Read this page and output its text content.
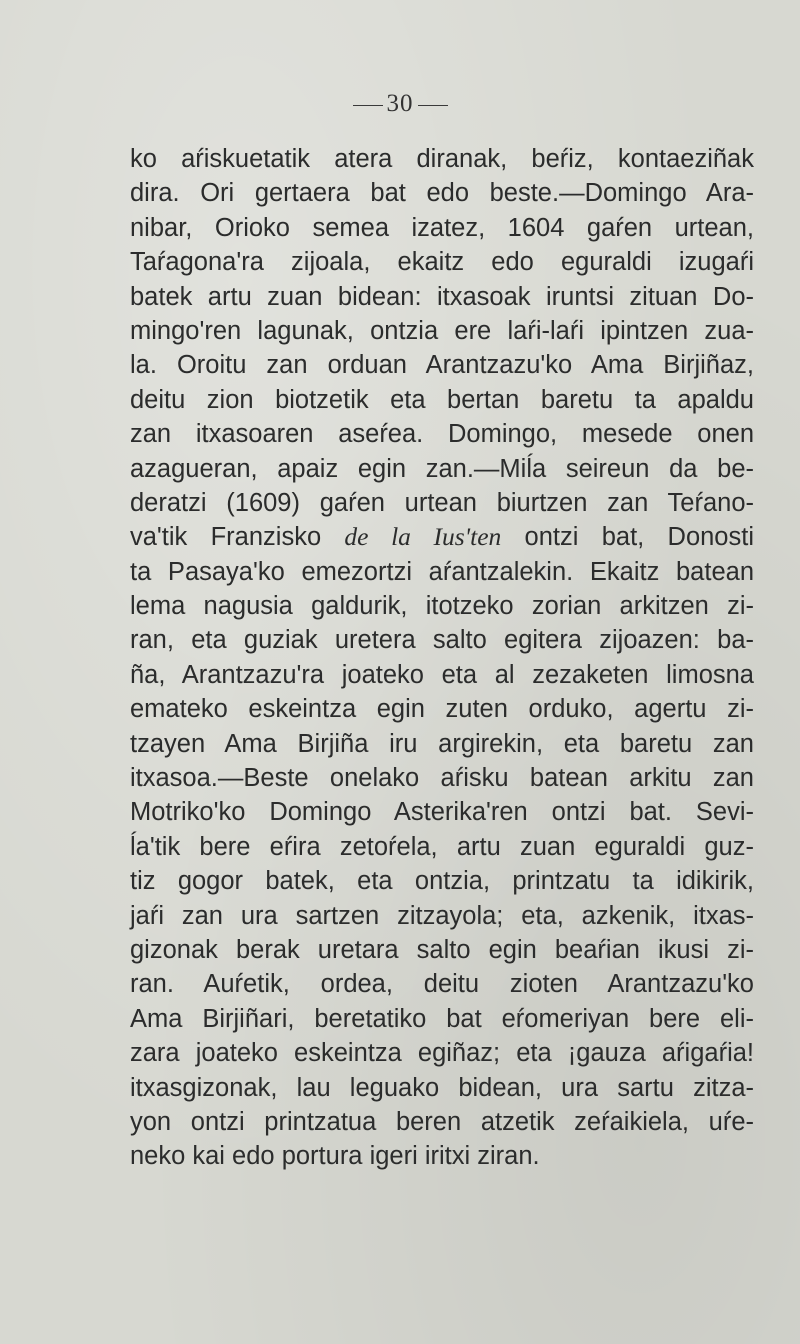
30
ko aŕiskuetatik atera diranak, beŕiz, kontaeziñak
dira. Ori gertaera bat edo beste.—Domingo Ara-
nibar, Orioko semea izatez, 1604 gaŕen urtean,
Taŕagona'ra zijoala, ekaitz edo eguraldi izugaŕi
batek artu zuan bidean: itxasoak iruntsi zituan Do-
mingo'ren lagunak, ontzia ere laŕi-laŕi ipintzen zua-
la. Oroitu zan orduan Arantzazu'ko Ama Birjiñaz,
deitu zion biotzetik eta bertan baretu ta apaldu
zan itxasoaren aseŕea. Domingo, mesede onen
azagueran, apaiz egin zan.—Miĺa seireun da be-
deratzi (1609) gaŕen urtean biurtzen zan Teŕano-
va'tik Franzisko de la Ius'ten ontzi bat, Donosti
ta Pasaya'ko emezortzi aŕantzalekin. Ekaitz batean
lema nagusia galdurik, itotzeko zorian arkitzen zi-
ran, eta guziak uretera salto egitera zijoazen: ba-
ña, Arantzazu'ra joateko eta al zezaketen limosna
emateko eskeintza egin zuten orduko, agertu zi-
tzayen Ama Birjiña iru argirekin, eta baretu zan
itxasoa.—Beste onelako aŕisku batean arkitu zan
Motriko'ko Domingo Asterika'ren ontzi bat. Sevi-
ĺa'tik bere eŕira zetoŕela, artu zuan eguraldi guz-
tiz gogor batek, eta ontzia, printzatu ta idikirik,
jaŕi zan ura sartzen zitzayola; eta, azkenik, itxas-
gizonak berak uretara salto egin beaŕian ikusi zi-
ran. Auŕetik, ordea, deitu zioten Arantzazu'ko
Ama Birjiñari, beretatiko bat eŕomeriyan bere eli-
zara joateko eskeintza egiñaz; eta ¡gauza aŕigaŕia!
itxasgizonak, lau leguako bidean, ura sartu zitza-
yon ontzi printzatua beren atzetik zeŕaikiela, uŕe-
neko kai edo portura igeri iritxi ziran.
